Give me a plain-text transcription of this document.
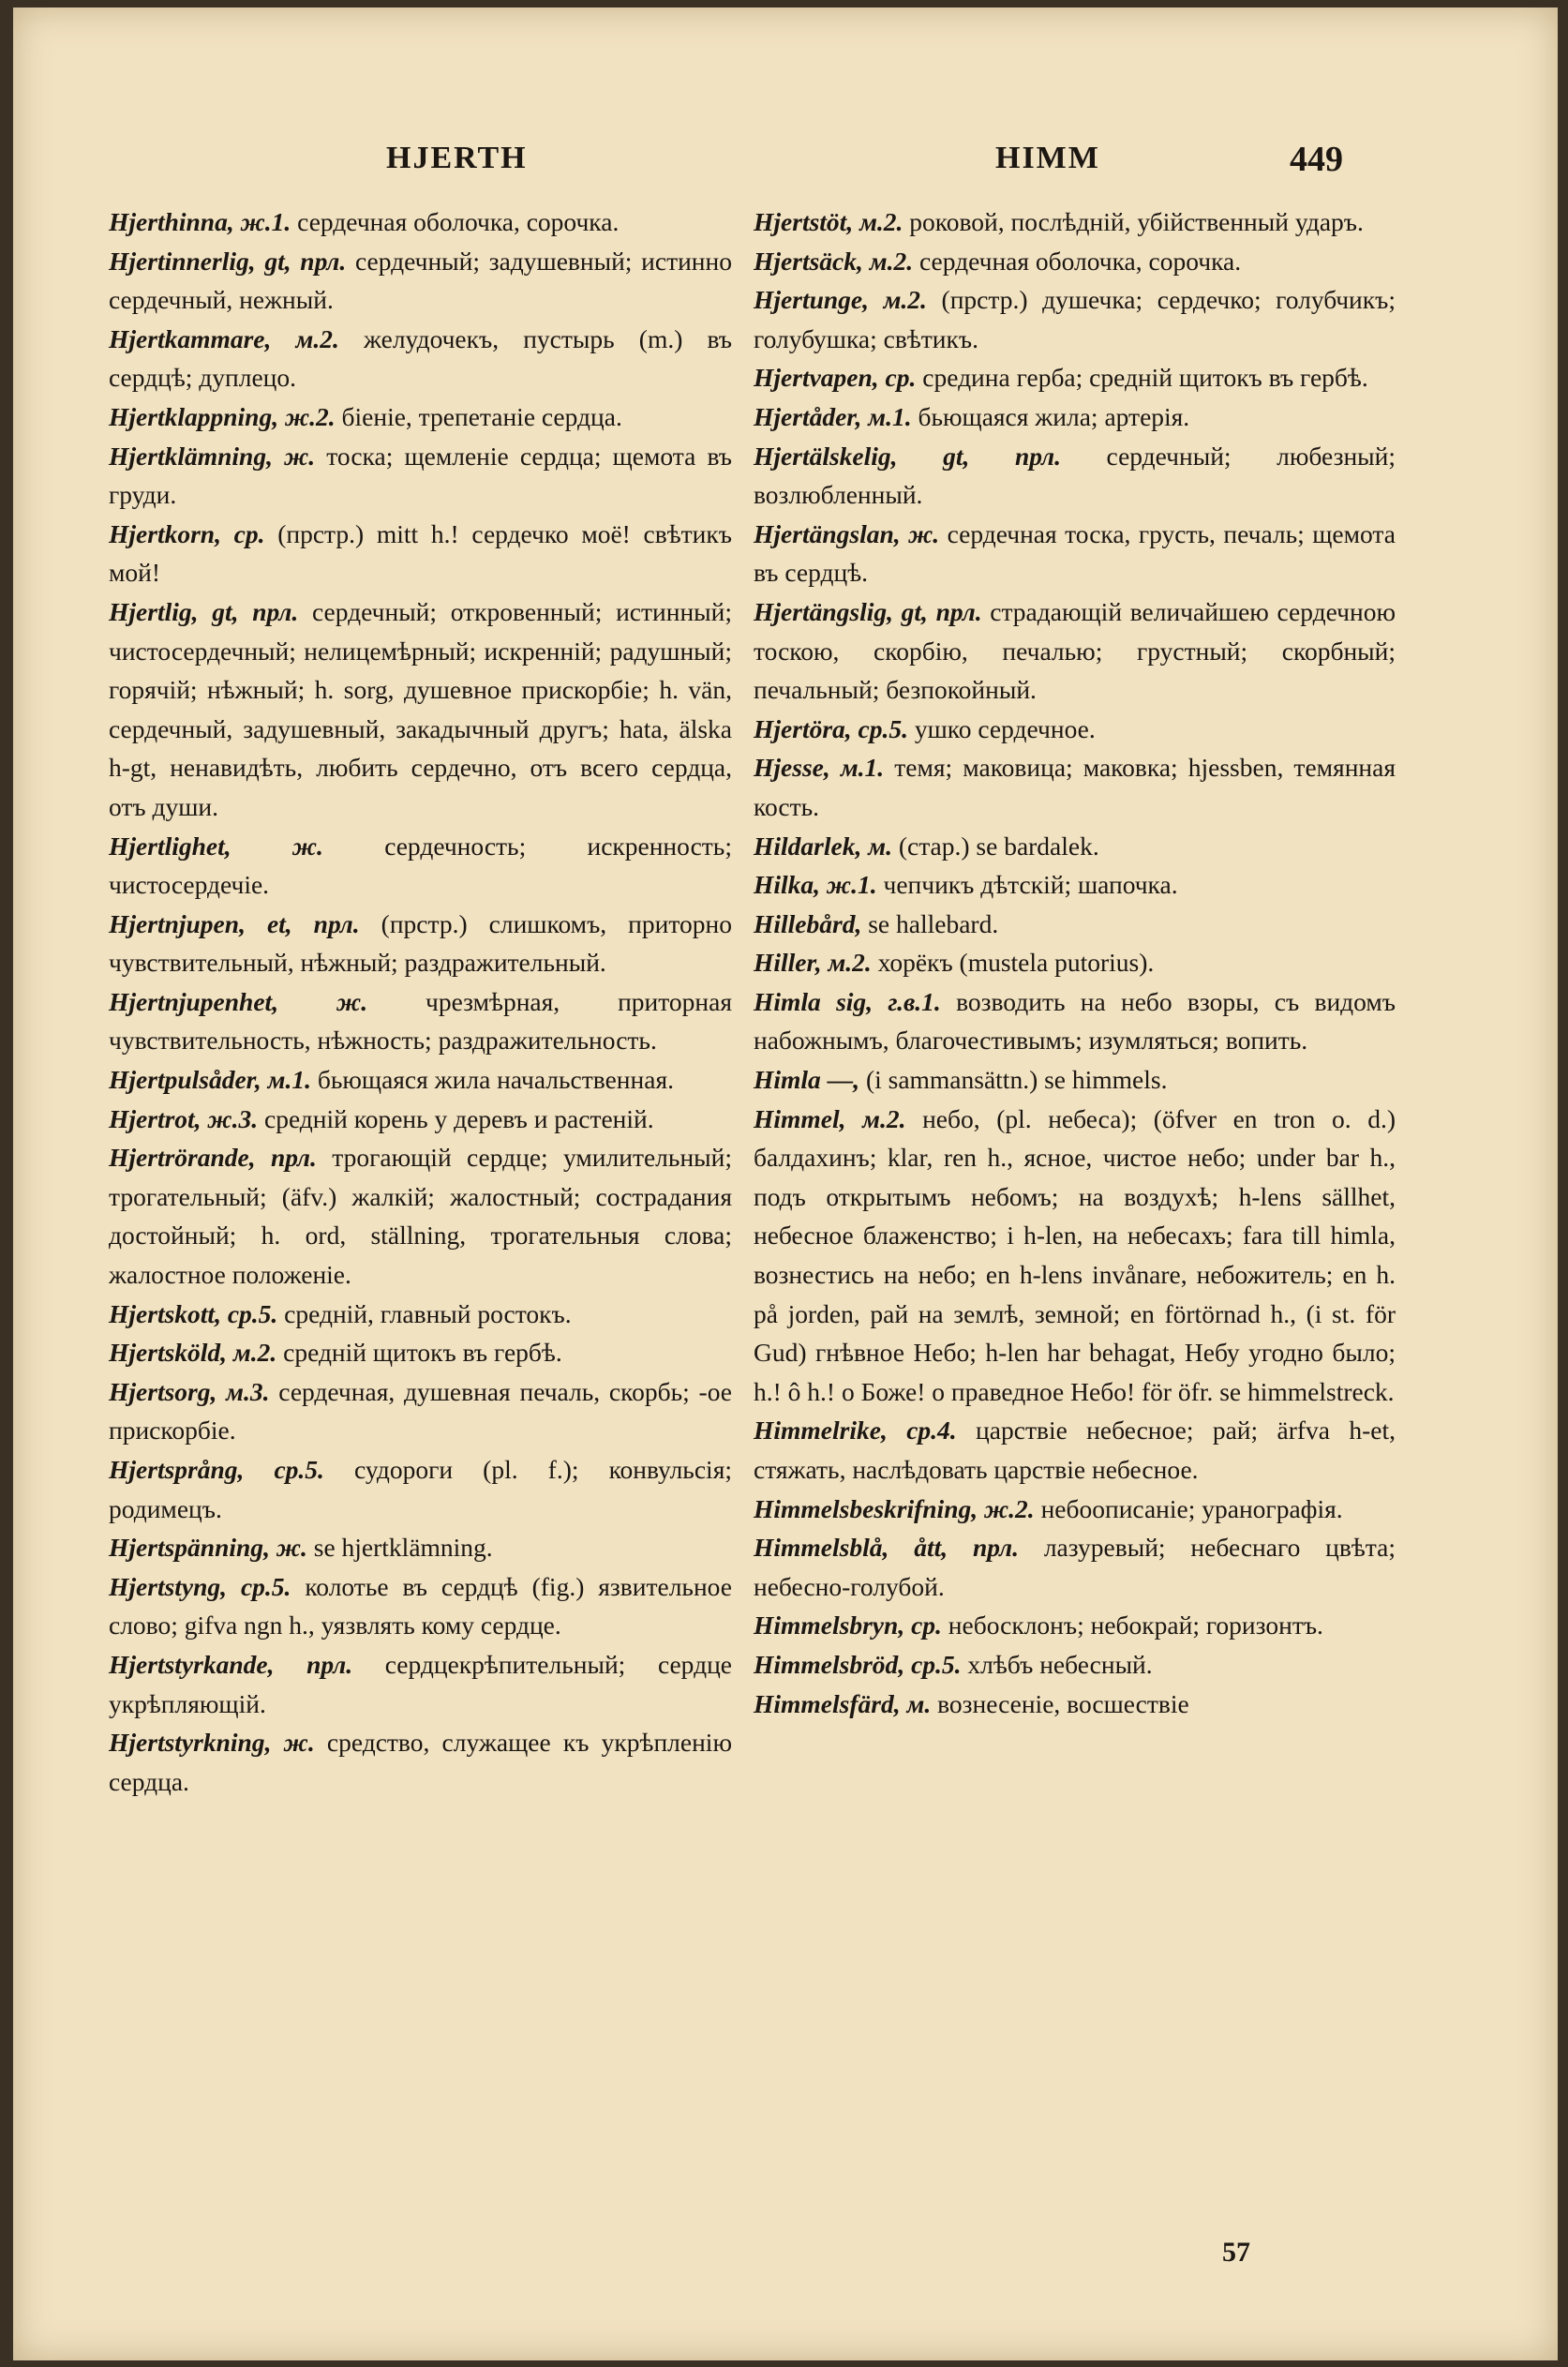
HJERTH	HIMM	449

Hjerthinna, ж.1. сердечная оболочка, сорочка.

Hjertinnerlig, gt, прл. сердечный; задушевный; истинно сердечный, нежный.

Hjertkammare, м.2. желудочекъ, пустырь (m.) въ сердцѣ; дуплецо.

Hjertklappning, ж.2. біеніе, трепетаніе сердца.

Hjertklämning, ж. тоска; щемленіе сердца; щемота въ груди.

Hjertkorn, ср. (прстр.) mitt h.! сердечко моё! свѣтикъ мой!

Hjertlig, gt, прл. сердечный; откровенный; истинный; чистосердечный; нелицемѣрный; искренній; радушный; горячій; нѣжный; h. sorg, душевное прискорбіе; h. vän, сердечный, задушевный, закадычный другъ; hata, älska h-gt, ненавидѣть, любить сердечно, отъ всего сердца, отъ души.

Hjertlighet, ж. сердечность; искренность; чистосердечіе.

Hjertnjupen, et, прл. (прстр.) слишкомъ, приторно чувствительный, нѣжный; раздражительный.

Hjertnjupenhet, ж. чрезмѣрная, приторная чувствительность, нѣжность; раздражительность.

Hjertpulsåder, м.1. бьющаяся жила начальственная.

Hjertrot, ж.3. средній корень у деревъ и растеній.

Hjertrörande, прл. трогающій сердце; умилительный; трогательный; (äfv.) жалкій; жалостный; сострадания достойный; h. ord, ställning, трогательныя слова; жалостное положеніе.

Hjertskott, ср.5. средній, главный ростокъ.

Hjertsköld, м.2. средній щитокъ въ гербѣ.

Hjertsorg, м.3. сердечная, душевная печаль, скорбь; -ое прискорбіе.

Hjertsprång, ср.5. судороги (pl. f.); конвульсія; родимецъ.

Hjertspänning, ж. se hjertklämning.

Hjertstyng, ср.5. колотье въ сердцѣ (fig.) язвительное слово; gifva ngn h., уязвлять кому сердце.

Hjertstyrkande, прл. сердцекрѣпительный; сердце укрѣпляющій.

Hjertstyrkning, ж. средство, служащее къ укрѣпленію сердца.

Hjertstöt, м.2. роковой, послѣдній, убійственный ударъ.

Hjertsäck, м.2. сердечная оболочка, сорочка.

Hjertunge, м.2. (прстр.) душечка; сердечко; голубчикъ; голубушка; свѣтикъ.

Hjertvapen, ср. средина герба; средній щитокъ въ гербѣ.

Hjertåder, м.1. бьющаяся жила; артерія.

Hjertälskelig, gt, прл. сердечный; любезный; возлюбленный.

Hjertängslan, ж. сердечная тоска, грусть, печаль; щемота въ сердцѣ.

Hjertängslig, gt, прл. страдающій величайшею сердечною тоскою, скорбію, печалью; грустный; скорбный; печальный; безпокойный.

Hjertöra, ср.5. ушко сердечное.

Hjesse, м.1. темя; маковица; маковка; hjessben, темянная кость.

Hildarlek, м. (стар.) se bardalek.

Hilka, ж.1. чепчикъ дѣтскій; шапочка.

Hillebård, se hallebard.

Hiller, м.2. хорёкъ (mustela putorius).

Himla sig, г.в.1. возводить на небо взоры, съ видомъ набожнымъ, благочестивымъ; изумляться; вопить.

Himla —, (i sammansättn.) se himmels.

Himmel, м.2. небо, (pl. небеса); (öfver en tron o. d.) балдахинъ; klar, ren h., ясное, чистое небо; under bar h., подъ открытымъ небомъ; на воздухѣ; h-lens sällhet, небесное блаженство; i h-len, на небесахъ; fara till himla, вознестись на небо; en h-lens invånare, небожитель; en h. på jorden, рай на землѣ, земной; en förtörnad h., (i st. för Gud) гнѣвное Небо; h-len har behagat, Небу угодно было; h.! ô h.! о Боже! о праведное Небо! för öfr. se himmelstreck.

Himmelrike, ср.4. царствіе небесное; рай; ärfva h-et, стяжать, наслѣдовать царствіе небесное.

Himmelsbeskrifning, ж.2. небоописаніе; уранографія.

Himmelsblå, ått, прл. лазуревый; небеснаго цвѣта; небесно-голубой.

Himmelsbryn, ср. небосклонъ; небокрай; горизонтъ.

Himmelsbröd, ср.5. хлѣбъ небесный.

Himmelsfärd, м. вознесеніе, восшествіе

57
